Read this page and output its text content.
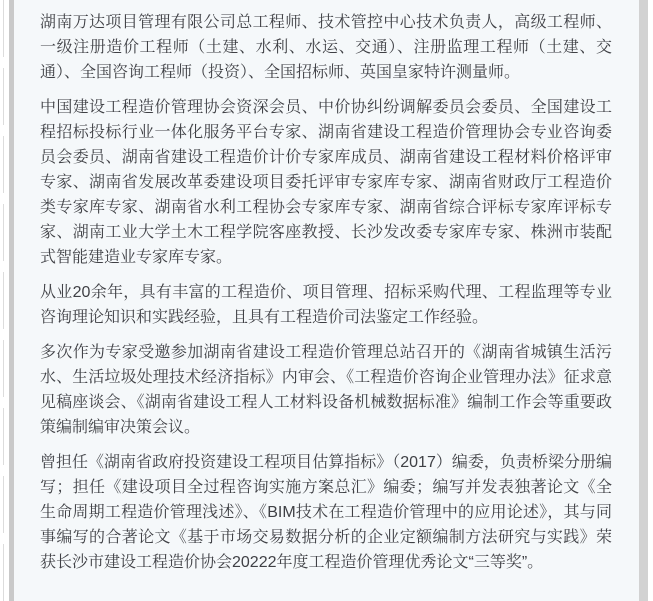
湖南万达项目管理有限公司总工程师、技术管控中心技术负责人，高级工程师、一级注册造价工程师（土建、水利、水运、交通）、注册监理工程师（土建、交通）、全国咨询工程师（投资）、全国招标师、英国皇家特许测量师。

中国建设工程造价管理协会资深会员、中价协纠纷调解委员会委员、全国建设工程招标投标行业一体化服务平台专家、湖南省建设工程造价管理协会专业咨询委员会委员、湖南省建设工程造价计价专家库成员、湖南省建设工程材料价格评审专家、湖南省发展改革委建设项目委托评审专家库专家、湖南省财政厅工程造价类专家库专家、湖南省水利工程协会专家库专家、湖南省综合评标专家库评标专家、湖南工业大学土木工程学院客座教授、长沙发改委专家库专家、株洲市装配式智能建造业专家库专家。

从业20余年，具有丰富的工程造价、项目管理、招标采购代理、工程监理等专业咨询理论知识和实践经验，且具有工程造价司法鉴定工作经验。

多次作为专家受邀参加湖南省建设工程造价管理总站召开的《湖南省城镇生活污水、生活垃圾处理技术经济指标》内审会、《工程造价咨询企业管理办法》征求意见稿座谈会、《湖南省建设工程人工材料设备机械数据标准》编制工作会等重要政策编制编审决策会议。

曾担任《湖南省政府投资建设工程项目估算指标》（2017）编委，负责桥梁分册编写；担任《建设项目全过程咨询实施方案总汇》编委；编写并发表独著论文《全生命周期工程造价管理浅述》、《BIM技术在工程造价管理中的应用论述》，其与同事编写的合著论文《基于市场交易数据分析的企业定额编制方法研究与实践》荣获长沙市建设工程造价协会20222年度工程造价管理优秀论文“三等奖”。
